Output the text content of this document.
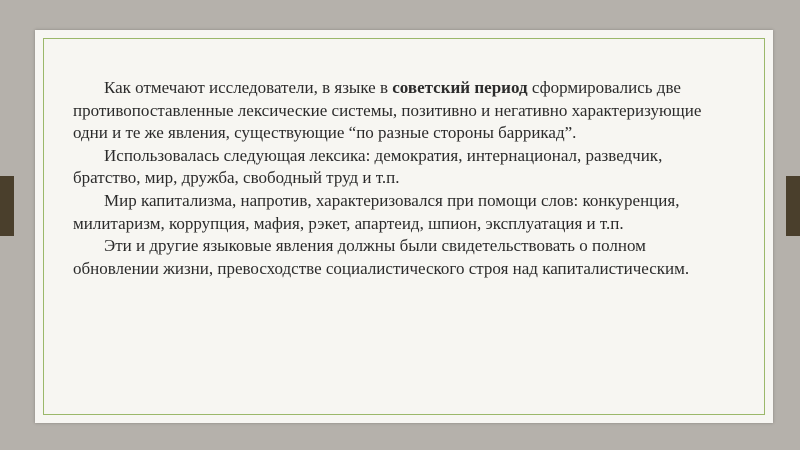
Как отмечают исследователи, в языке в советский период сформировались две противопоставленные лексические системы, позитивно и негативно характеризующие одни и те же явления, существующие “по разные стороны баррикад”.

Использовалась следующая лексика: демократия, интернационал, разведчик, братство, мир, дружба, свободный труд и т.п.

Мир капитализма, напротив, характеризовался при помощи слов: конкуренция, милитаризм, коррупция, мафия, рэкет, апартеид, шпион, эксплуатация и т.п.

Эти и другие языковые явления должны были свидетельствовать о полном обновлении жизни, превосходстве социалистического строя над капиталистическим.
